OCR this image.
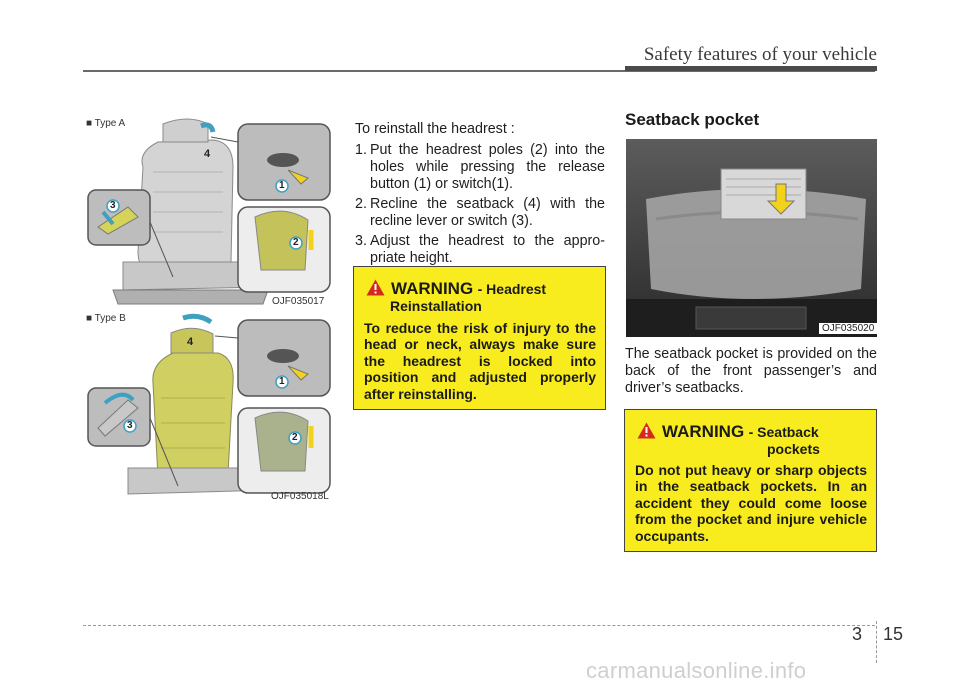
Safety features of your vehicle
4
1
3
2
■ Type A
OJF035017
4
1
3
2
■ Type B
OJF035018L
To reinstall the headrest :
1. Put the headrest poles (2) into the holes while pressing the release button (1) or switch(1).
2. Recline the seatback (4) with the recline lever or switch (3).
3. Adjust the headrest to the appro-priate height.
WARNING - Headrest
Reinstallation
To reduce the risk of injury to the head or neck, always make sure the headrest is locked into position and adjusted properly after reinstalling.
Seatback pocket
OJF035020
The seatback pocket is provided on the back of the front passenger’s and driver’s seatbacks.
WARNING - Seatback
pockets
Do not put heavy or sharp objects in the seatback pockets. In an accident they could come loose from the pocket and injure vehicle occupants.
3 15
carmanualsonline.info
